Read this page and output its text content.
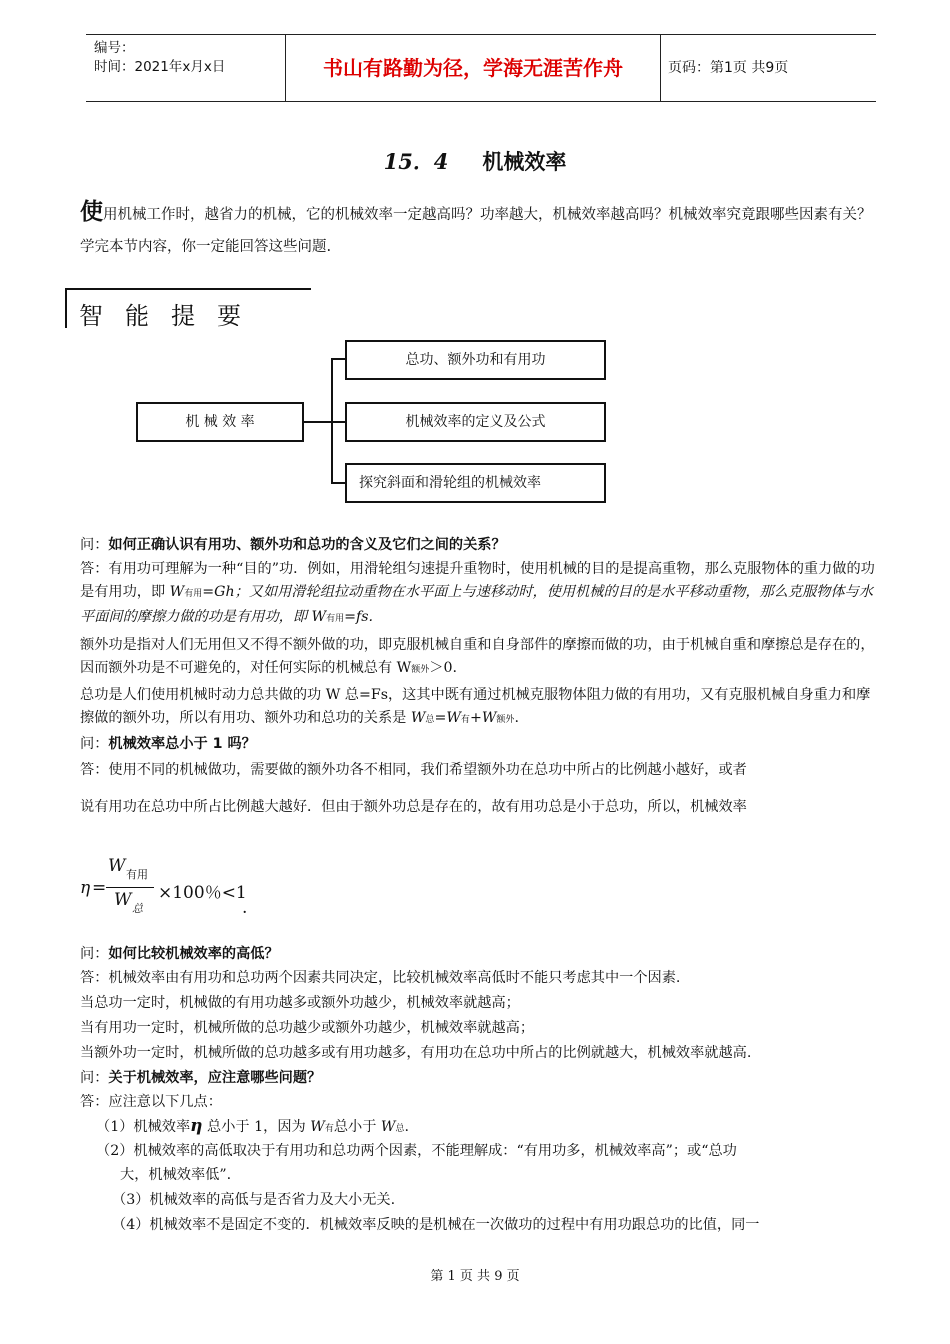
编号：
时间：2021年x月x日	书山有路勤为径，学海无涯苦作舟	页码：第1页 共9页
15．4 机械效率
使用机械工作时，越省力的机械，它的机械效率一定越高吗？功率越大，机械效率越高吗？机械效率究竟跟哪些因素有关？学完本节内容，你一定能回答这些问题.
智能提要
机 械 效 率
总功、额外功和有用功
机械效率的定义及公式
探究斜面和滑轮组的机械效率
问：如何正确认识有用功、额外功和总功的含义及它们之间的关系？
答：有用功可理解为一种“目的”功．例如，用滑轮组匀速提升重物时，使用机械的目的是提高重物，那么克服物体的重力做的功是有用功，即 W有用=Gh；又如用滑轮组拉动重物在水平面上与速移动时，使用机械的目的是水平移动重物，那么克服物体与水平面间的摩擦力做的功是有用功，即 W有用=fs.
额外功是指对人们无用但又不得不额外做的功，即克服机械自重和自身部件的摩擦而做的功，由于机械自重和摩擦总是存在的，因而额外功是不可避免的，对任何实际的机械总有 W额外＞0.
总功是人们使用机械时动力总共做的功 W 总=Fs，这其中既有通过机械克服物体阻力做的有用功，又有克服机械自身重力和摩擦做的额外功，所以有用功、额外功和总功的关系是 W总=W有+W额外.
问：机械效率总小于 1 吗？
答：使用不同的机械做功，需要做的额外功各不相同，我们希望额外功在总功中所占的比例越小越好，或者
说有用功在总功中所占比例越大越好．但由于额外功总是存在的，故有用功总是小于总功，所以，机械效率
η =
W 有用
W 总
×100％<1
.
问：如何比较机械效率的高低？
答：机械效率由有用功和总功两个因素共同决定，比较机械效率高低时不能只考虑其中一个因素.
当总功一定时，机械做的有用功越多或额外功越少，机械效率就越高；
当有用功一定时，机械所做的总功越少或额外功越少，机械效率就越高；
当额外功一定时，机械所做的总功越多或有用功越多，有用功在总功中所占的比例就越大，机械效率就越高.
问：关于机械效率，应注意哪些问题？
答：应注意以下几点：
（1）机械效率η 总小于 1，因为 W有总小于 W总.
（2）机械效率的高低取决于有用功和总功两个因素，不能理解成：“有用功多，机械效率高”；或“总功
大，机械效率低”.
（3）机械效率的高低与是否省力及大小无关.
（4）机械效率不是固定不变的．机械效率反映的是机械在一次做功的过程中有用功跟总功的比值，同一
第 1 页 共 9 页
